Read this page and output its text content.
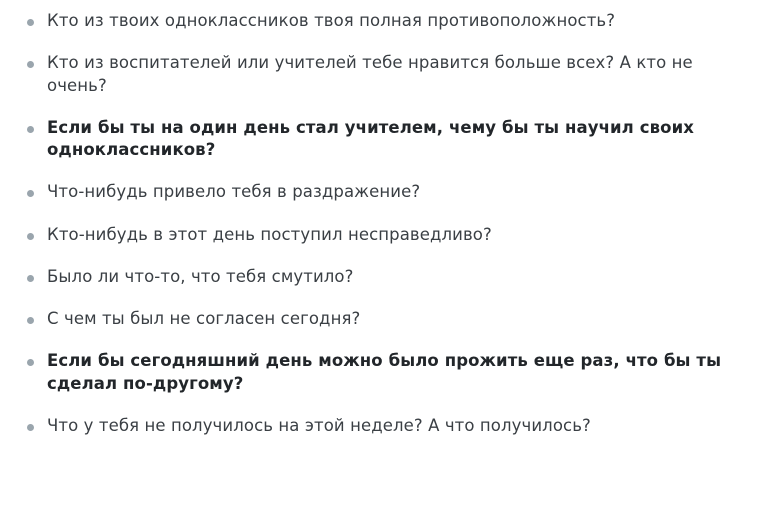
Кто из твоих одноклассников твоя полная противоположность?
Кто из воспитателей или учителей тебе нравится больше всех? А кто не очень?
Если бы ты на один день стал учителем, чему бы ты научил своих одноклассников?
Что-нибудь привело тебя в раздражение?
Кто-нибудь в этот день поступил несправедливо?
Было ли что-то, что тебя смутило?
С чем ты был не согласен сегодня?
Если бы сегодняшний день можно было прожить еще раз, что бы ты сделал по-другому?
Что у тебя не получилось на этой неделе? А что получилось?
